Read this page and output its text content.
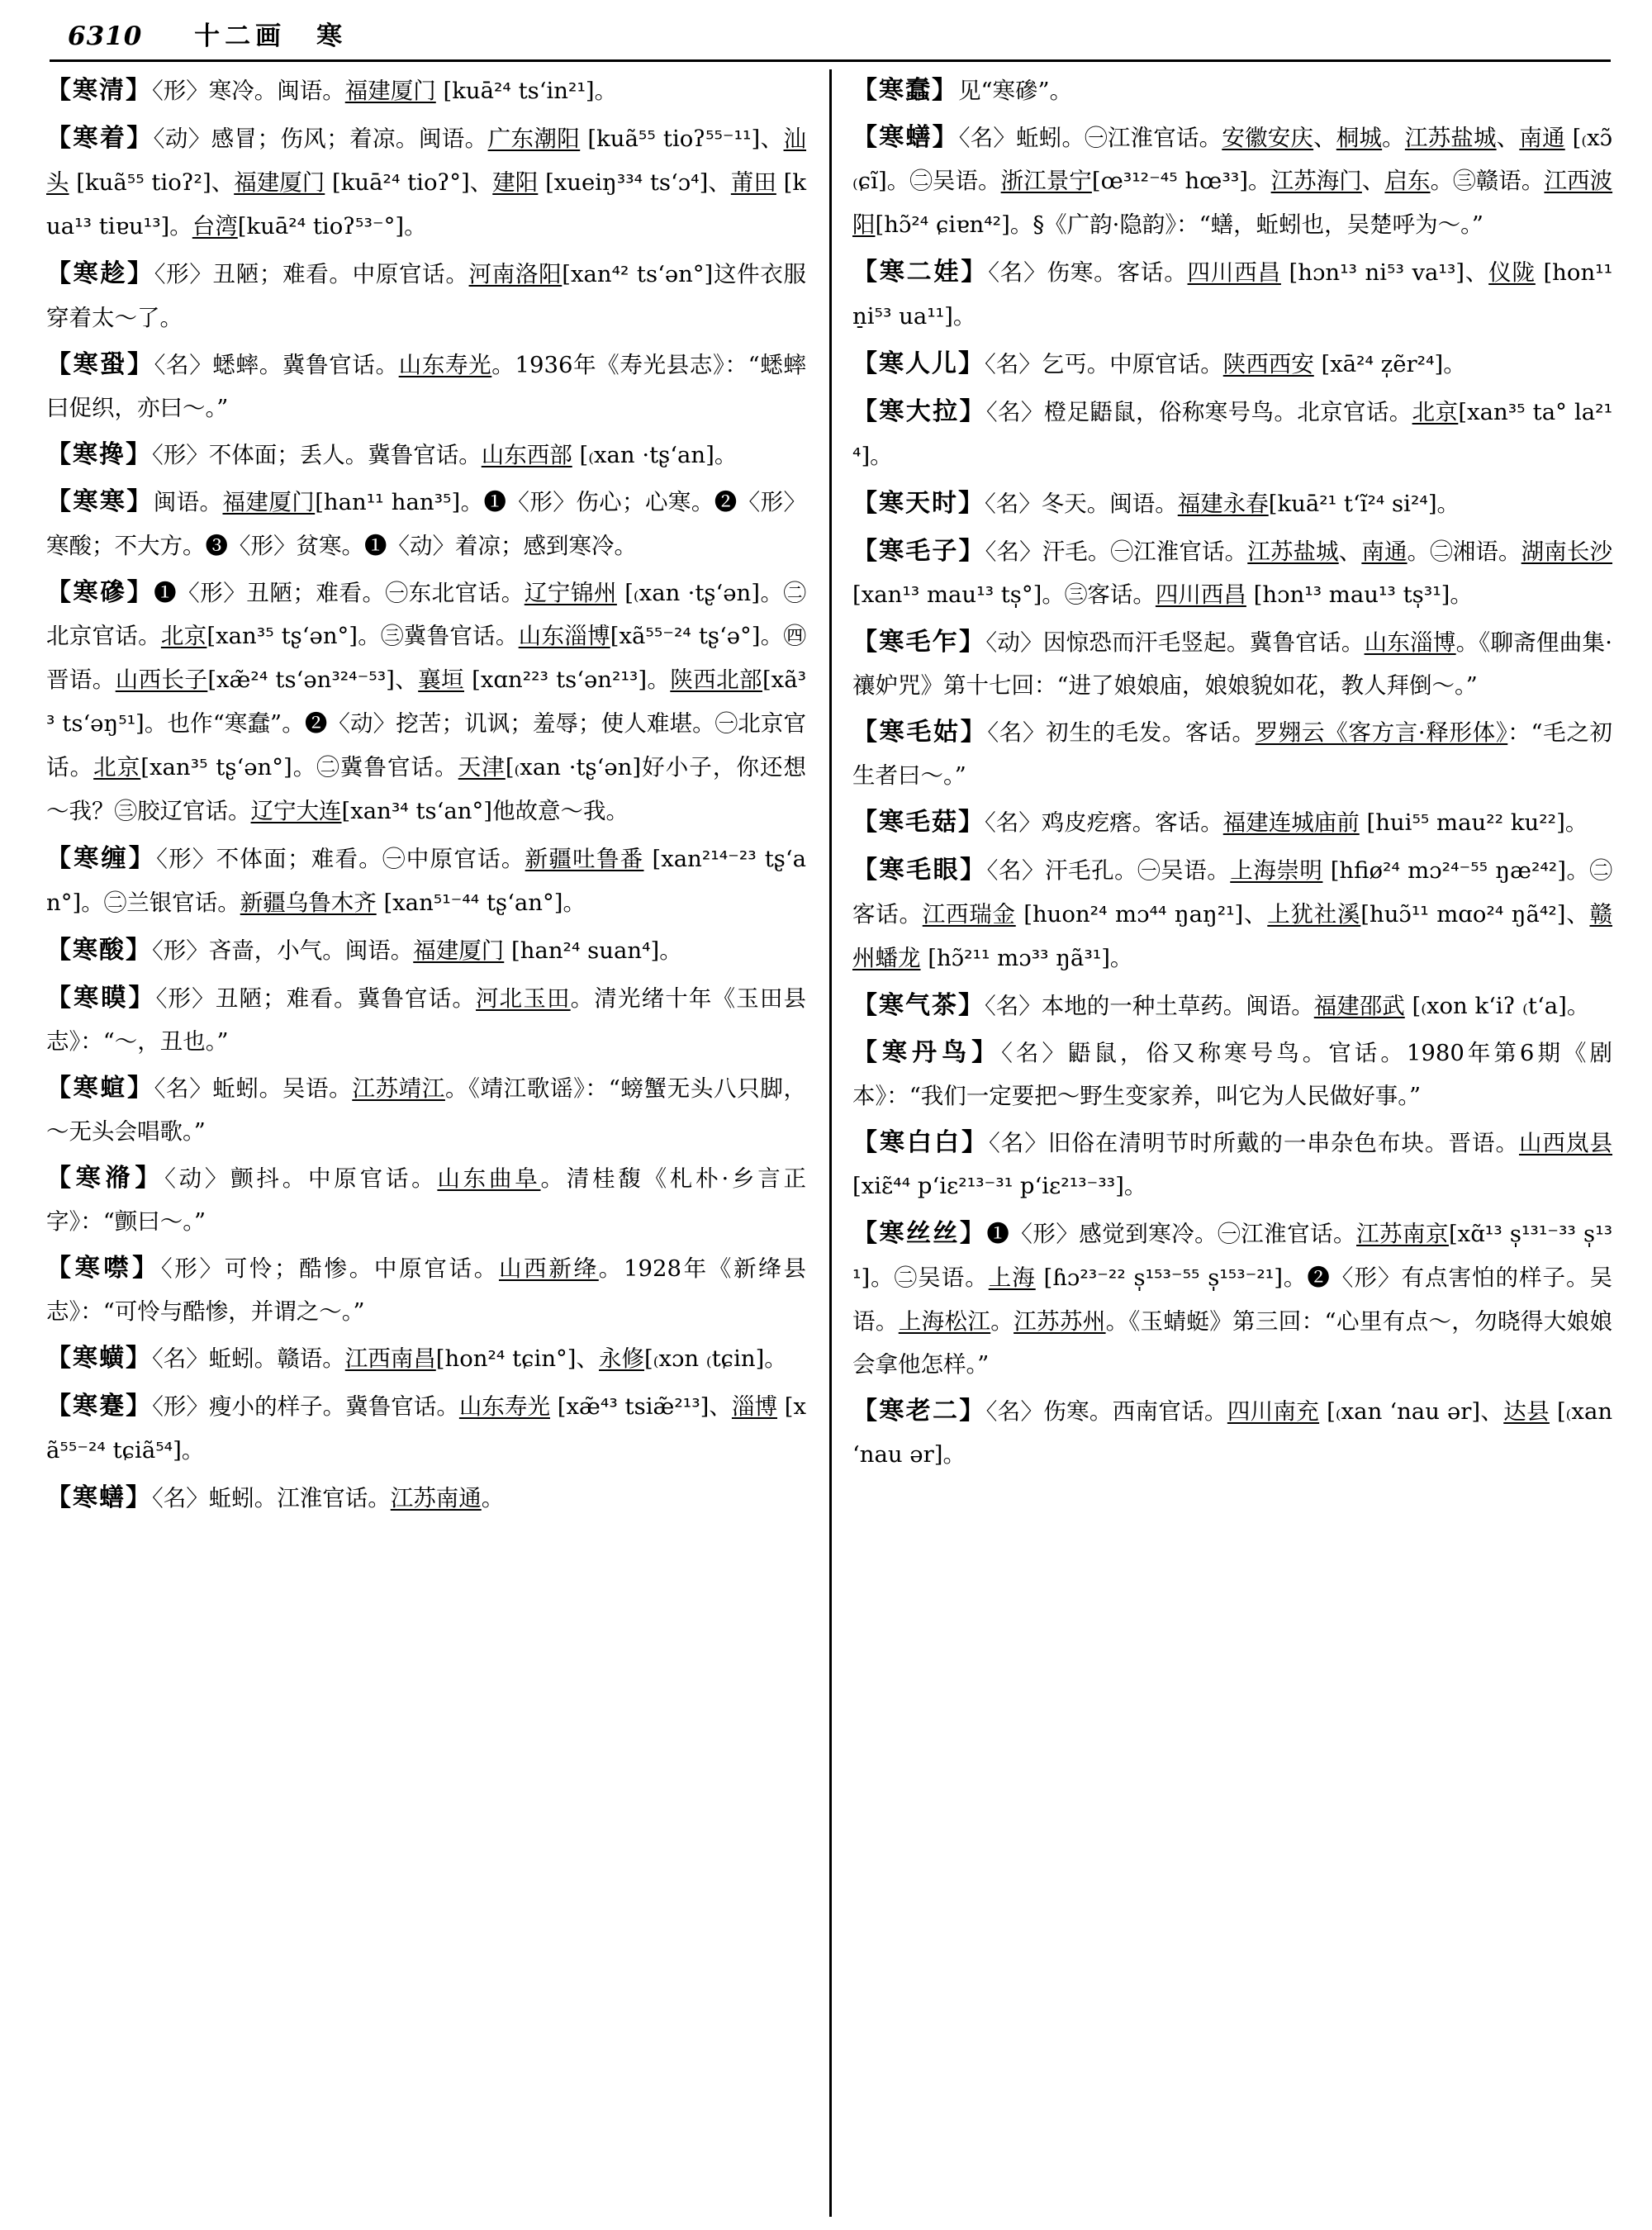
6310 十二画　寒
【寒清】〈形〉寒冷。闽语。福建厦门 [kuā²⁴ ts‘in²¹]。
【寒着】〈动〉感冒；伤风；着凉。闽语。广东潮阳 [kuã⁵⁵ tioʔ⁵⁵⁻¹¹]、汕头 [kuã⁵⁵ tioʔ²]、福建厦门 [kuā²⁴ tioʔ°]、建阳 [xueiŋ³³⁴ tsʻɔ⁴]、莆田 [kua¹³ tiɐu¹³]。台湾[kuā²⁴ tioʔ⁵³⁻°]。
【寒趁】〈形〉丑陋；难看。中原官话。河南洛阳[xan⁴² tsʻən°]这件衣服穿着太～了。
【寒蛩】〈名〉蟋蟀。冀鲁官话。山东寿光。1936年《寿光县志》：“蟋蟀曰促织，亦曰～。”
【寒搀】〈形〉不体面；丢人。冀鲁官话。山东西部 [₍xan ·tʂʻan]。
【寒寒】闽语。福建厦门[han¹¹ han³⁵]。❶〈形〉伤心；心寒。❷〈形〉寒酸；不大方。❸〈形〉贫寒。❶〈动〉着凉；感到寒冷。
【寒磣】❶〈形〉丑陋；难看。㊀东北官话。辽宁锦州 [₍xan ·tʂʻən]。㊁北京官话。北京[xan³⁵ tʂʻən°]。㊂冀鲁官话。山东淄博[xã⁵⁵⁻²⁴ tʂʻə°]。㊃晋语。山西长子[xæ̃²⁴ tsʻən³²⁴⁻⁵³]、襄垣 [xɑn²²³ tsʻən²¹³]。陕西北部[xã³³ tsʻəŋ⁵¹]。也作“寒蠢”。❷〈动〉挖苦；讥讽；羞辱；使人难堪。㊀北京官话。北京[xan³⁵ tʂʻən°]。㊁冀鲁官话。天津[₍xan ·tʂʻən]好小子，你还想～我？㊂胶辽官话。辽宁大连[xan³⁴ tsʻan°]他故意～我。
【寒缠】〈形〉不体面；难看。㊀中原官话。新疆吐鲁番 [xan²¹⁴⁻²³ tʂʻan°]。㊁兰银官话。新疆乌鲁木齐 [xan⁵¹⁻⁴⁴ tʂʻan°]。
【寒酸】〈形〉吝啬，小气。闽语。福建厦门 [han²⁴ suan⁴]。
【寒瞙】〈形〉丑陋；难看。冀鲁官话。河北玉田。清光绪十年《玉田县志》：“～，丑也。”
【寒蝖】〈名〉蚯蚓。吴语。江苏靖江。《靖江歌谣》：“螃蟹无头八只脚，～无头会唱歌。”
【寒潃】〈动〉颤抖。中原官话。山东曲阜。清桂馥《札朴·乡言正字》：“颤曰～。”
【寒噤】〈形〉可怜；酷惨。中原官话。山西新绛。1928年《新绛县志》：“可怜与酷惨，并谓之～。”
【寒蟥】〈名〉蚯蚓。赣语。江西南昌[hon²⁴ tɕin°]、永修[₍xɔn ₍tɕin]。
【寒蹇】〈形〉瘦小的样子。冀鲁官话。山东寿光 [xæ̃⁴³ tsiæ̃²¹³]、淄博 [xã⁵⁵⁻²⁴ tɕiã⁵⁴]。
【寒蟮】〈名〉蚯蚓。江淮官话。江苏南通。
【寒蠢】见“寒磣”。
【寒蟮】〈名〉蚯蚓。㊀江淮官话。安徽安庆、桐城。江苏盐城、南通 [₍xɔ̃　₍ɕĩ]。㊁吴语。浙江景宁[œ³¹²⁻⁴⁵ hœ³³]。江苏海门、启东。㊂赣语。江西波阳[hɔ̃²⁴ ɕiɐn⁴²]。§《广韵·隐韵》：“蟮，蚯蚓也，吴楚呼为～。”
【寒二娃】〈名〉伤寒。客话。四川西昌 [hɔn¹³ ni⁵³ va¹³]、仪陇 [hon¹¹ n̠i⁵³ ua¹¹]。
【寒人儿】〈名〉乞丐。中原官话。陕西西安 [xā²⁴ z̩ẽr²⁴]。
【寒大拉】〈名〉橙足鼯鼠，俗称寒号鸟。北京官话。北京[xan³⁵ ta° la²¹⁴]。
【寒天时】〈名〉冬天。闽语。福建永春[kuā²¹ tʻĩ²⁴ si²⁴]。
【寒毛子】〈名〉汗毛。㊀江淮官话。江苏盐城、南通。㊁湘语。湖南长沙 [xan¹³ mau¹³ ts̩°]。㊂客话。四川西昌 [hɔn¹³ mau¹³ ts̩³¹]。
【寒毛乍】〈动〉因惊恐而汗毛竖起。冀鲁官话。山东淄博。《聊斋俚曲集·禳妒咒》第十七回：“进了娘娘庙，娘娘貌如花，教人拜倒～。”
【寒毛姑】〈名〉初生的毛发。客话。罗翙云《客方言·释形体》：“毛之初生者曰～。”
【寒毛菇】〈名〉鸡皮疙瘩。客话。福建连城庙前 [hui⁵⁵ mau²² ku²²]。
【寒毛眼】〈名〉汗毛孔。㊀吴语。上海崇明 [hfiø²⁴ mɔ²⁴⁻⁵⁵ ŋæ²⁴²]。㊁客话。江西瑞金 [huon²⁴ mɔ⁴⁴ ŋaŋ²¹]、上犹社溪[huɔ̃¹¹ mɑo²⁴ ŋã⁴²]、赣州蟠龙 [hɔ̃²¹¹ mɔ³³ ŋã³¹]。
【寒气茶】〈名〉本地的一种土草药。闽语。福建邵武 [₍xon kʻiʔ ₍tʻa]。
【寒丹鸟】〈名〉鼯鼠，俗又称寒号鸟。官话。1980年第6期《剧本》：“我们一定要把～野生变家养，叫它为人民做好事。”
【寒白白】〈名〉旧俗在清明节时所戴的一串杂色布块。晋语。山西岚县 [xiɛ̃⁴⁴ pʻiɛ²¹³⁻³¹ pʻiɛ²¹³⁻³³]。
【寒丝丝】❶〈形〉感觉到寒冷。㊀江淮官话。江苏南京[xɑ̃¹³ s̩¹³¹⁻³³ s̩¹³¹]。㊁吴语。上海 [ɦɔ²³⁻²² s̩¹⁵³⁻⁵⁵ s̩¹⁵³⁻²¹]。❷〈形〉有点害怕的样子。吴语。上海松江。江苏苏州。《玉蜻蜓》第三回：“心里有点～，勿晓得大娘娘会拿他怎样。”
【寒老二】〈名〉伤寒。西南官话。四川南充 [₍xan ʻnau ər]、达县 [₍xan ʻnau ər]。
